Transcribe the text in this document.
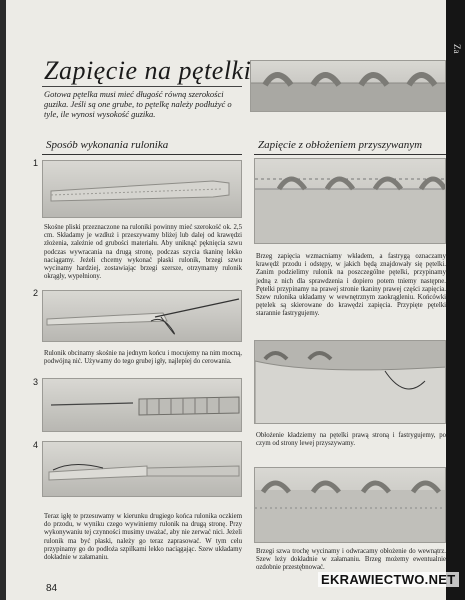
Zapięcie na pętelki
Gotowa pętelka musi mieć długość równą szerokości guzika. Jeśli są one grube, to pętelkę należy podłużyć o tyle, ile wynosi wysokość guzika.
Sposób wykonania rulonika
1
Skośne pliski przeznaczone na ruloniki powinny mieć szerokość ok. 2,5 cm. Składamy je wzdłuż i przeszywamy bliżej lub dalej od krawędzi złożenia, zależnie od grubości materiału. Aby uniknąć pęknięcia szwu podczas wywracania na drugą stronę, podczas szycia tkaninę lekko naciągamy. Jeżeli chcemy wykonać płaski rulonik, brzegi szwu wycinamy hardziej, zostawiając brzegi szersze, otrzymamy rulonik okrągły, wypełniony.
2
Rulonik obcinamy skośnie na jednym końcu i mocujemy na nim mocną, podwójną nić. Używamy do tego grubej igły, najlepiej do cerowania.
3
4
Teraz igłę te przesuwamy w kierunku drugiego końca rulonika oczkiem do przodu, w wyniku czego wywiniemy rulonik na drugą stronę. Przy wykonywaniu tej czynności musimy uważać, aby nie zerwać nici. Jeżeli rulonik ma być płaski, należy go teraz zaprasować. W tym celu przypinamy go do podłoża szpilkami lekko naciągając. Szew układamy dokładnie w załamaniu.
Zapięcie z obłożeniem przyszywanym
Brzeg zapięcia wzmacniamy wkładem, a fastrygą oznaczamy krawędź przodu i odstępy, w jakich będą znajdowały się pętelki. Zanim podzielimy rulonik na poszczególne pętelki, przypinamy jedną z nich dla sprawdzenia i dopiero potem tniemy następne. Pętelki przypinamy na prawej stronie tkaniny prawej części zapięcia. Szew rulonika układamy w wewnętrznym zaokrągleniu. Końcówki pętelek są skierowane do krawędzi zapięcia. Przypięte pętelki starannie fastrygujemy.
Obłożenie kładziemy na pętelki prawą stroną i fastrygujemy, po czym od strony lewej przyszywamy.
Brzegi szwa trochę wycinamy i odwracamy obłożenie do wewnątrz. Szew leży dokładnie w załamaniu. Brzeg możemy ewentualnie ozdobnie przestębnować.
84
Za
EKRAWIECTWO.NET
